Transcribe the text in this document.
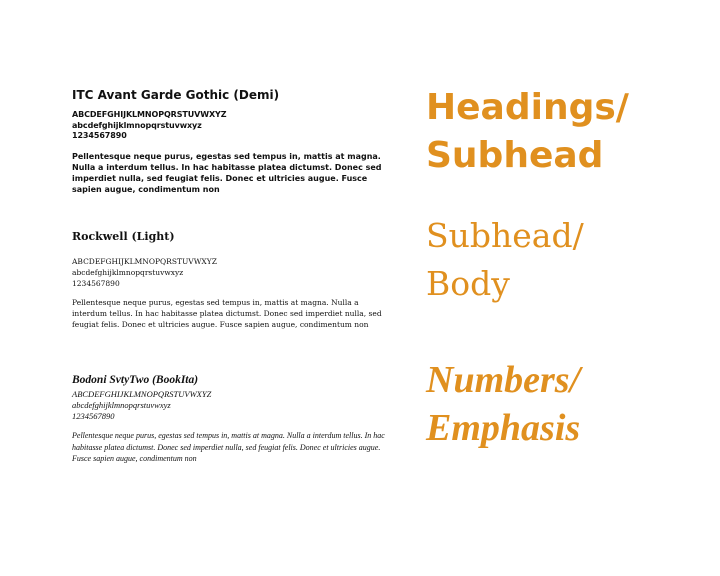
ITC Avant Garde Gothic (Demi)

ABCDEFGHIJKLMNOPQRSTUVWXYZ

abcdefghijklmnopqrstuvwxyz

1234567890

Pellentesque neque purus, egestas sed tempus in, mattis at magna. Nulla a interdum tellus. In hac habitasse platea dictumst. Donec sed imperdiet nulla, sed feugiat felis. Donec et ultricies augue. Fusce sapien augue, condimentum non

Rockwell (Light)

ABCDEFGHIJKLMNOPQRSTUVWXYZ

abcdefghijklmnopqrstuvwxyz

1234567890

Pellentesque neque purus, egestas sed tempus in, mattis at magna. Nulla a interdum tellus. In hac habitasse platea dictumst. Donec sed imperdiet nulla, sed feugiat felis. Donec et ultricies augue. Fusce sapien augue, condimentum non

Bodoni SvtyTwo (BookIta)

ABCDEFGHIJKLMNOPQRSTUVWXYZ

abcdefghijklmnopqrstuvwxyz

1234567890

Pellentesque neque purus, egestas sed tempus in, mattis at magna. Nulla a interdum tellus. In hac habitasse platea dictumst. Donec sed imperdiet nulla, sed feugiat felis. Donec et ultricies augue. Fusce sapien augue, condimentum non

Headings/
Subhead
Subhead/
Body
Numbers/
Emphasis
